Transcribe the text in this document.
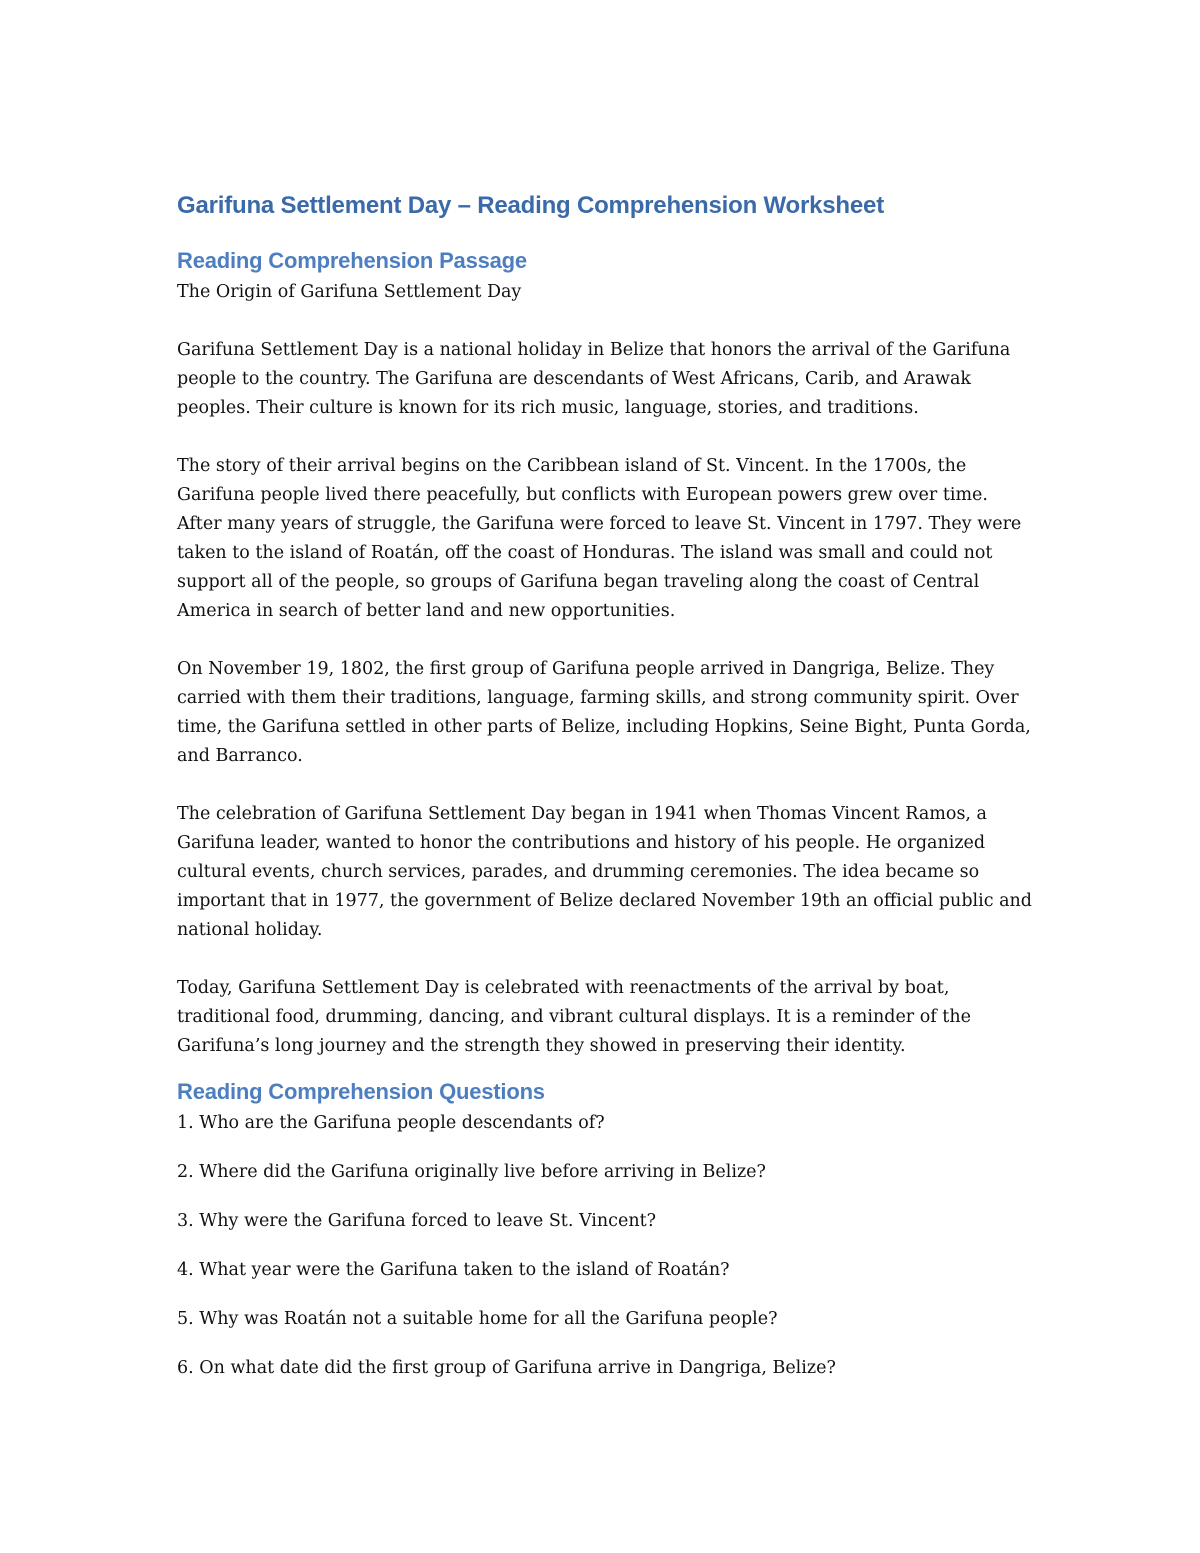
Garifuna Settlement Day – Reading Comprehension Worksheet
Reading Comprehension Passage

The Origin of Garifuna Settlement Day

Garifuna Settlement Day is a national holiday in Belize that honors the arrival of the Garifuna people to the country. The Garifuna are descendants of West Africans, Carib, and Arawak peoples. Their culture is known for its rich music, language, stories, and traditions.

The story of their arrival begins on the Caribbean island of St. Vincent. In the 1700s, the Garifuna people lived there peacefully, but conflicts with European powers grew over time. After many years of struggle, the Garifuna were forced to leave St. Vincent in 1797. They were taken to the island of Roatán, off the coast of Honduras. The island was small and could not support all of the people, so groups of Garifuna began traveling along the coast of Central America in search of better land and new opportunities.

On November 19, 1802, the first group of Garifuna people arrived in Dangriga, Belize. They carried with them their traditions, language, farming skills, and strong community spirit. Over time, the Garifuna settled in other parts of Belize, including Hopkins, Seine Bight, Punta Gorda, and Barranco.

The celebration of Garifuna Settlement Day began in 1941 when Thomas Vincent Ramos, a Garifuna leader, wanted to honor the contributions and history of his people. He organized cultural events, church services, parades, and drumming ceremonies. The idea became so important that in 1977, the government of Belize declared November 19th an official public and national holiday.

Today, Garifuna Settlement Day is celebrated with reenactments of the arrival by boat, traditional food, drumming, dancing, and vibrant cultural displays. It is a reminder of the Garifuna’s long journey and the strength they showed in preserving their identity.

Reading Comprehension Questions
1. Who are the Garifuna people descendants of?
2. Where did the Garifuna originally live before arriving in Belize?
3. Why were the Garifuna forced to leave St. Vincent?
4. What year were the Garifuna taken to the island of Roatán?
5. Why was Roatán not a suitable home for all the Garifuna people?
6. On what date did the first group of Garifuna arrive in Dangriga, Belize?
